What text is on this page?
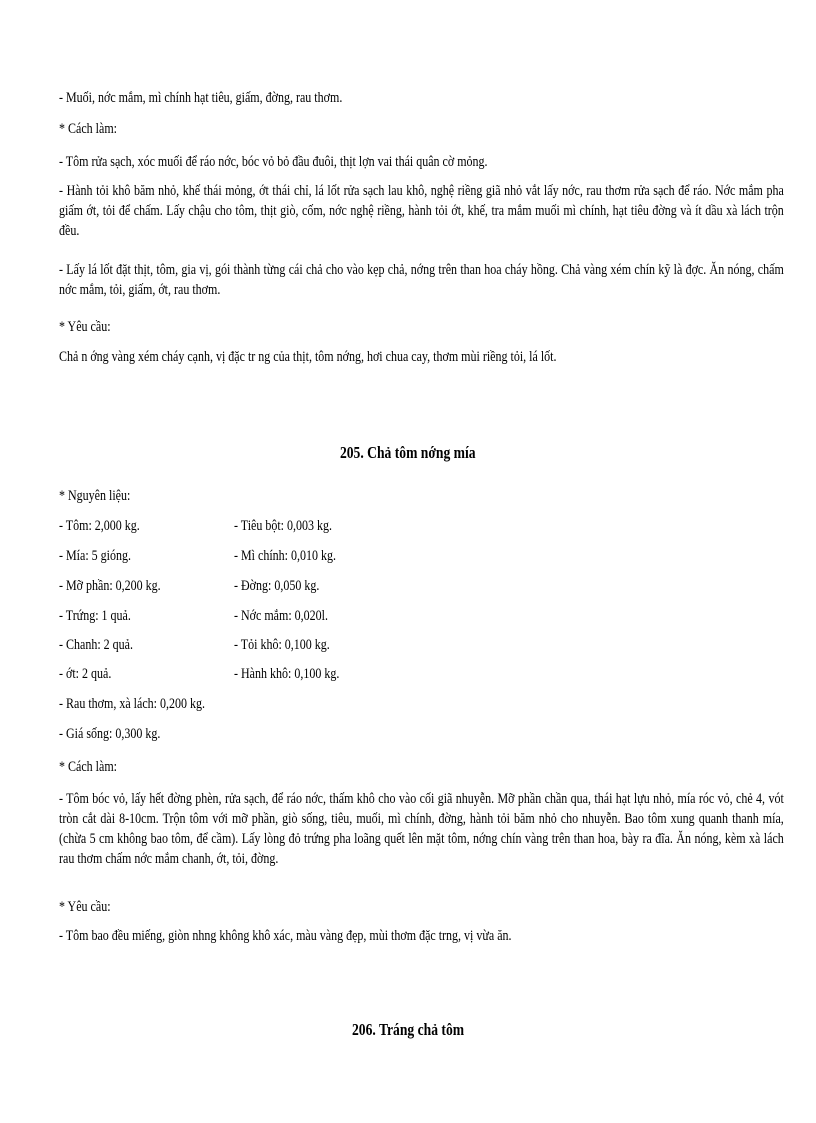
- Muối, nớc mắm, mì chính hạt tiêu, giấm, đờng, rau thơm.

* Cách làm:

- Tôm rửa sạch, xóc muối để ráo nớc, bóc vỏ bỏ đầu đuôi, thịt lợn vai thái quân cờ mỏng.

- Hành tỏi khô băm nhỏ, khế thái mỏng, ớt thái chỉ, lá lốt rửa sạch lau khô, nghệ riềng giã nhỏ vắt lấy nớc, rau thơm rửa sạch để ráo. Nớc mắm pha giấm ớt, tỏi để chấm. Lấy chậu cho tôm, thịt giò, cốm, nớc nghệ riềng, hành tỏi ớt, khế, tra mắm muối mì chính, hạt tiêu đờng và ít dầu xà lách trộn đều.

- Lấy lá lốt đặt thịt, tôm, gia vị, gói thành từng cái chả cho vào kẹp chả, nớng trên than hoa cháy hồng. Chả vàng xém chín kỹ là đợc. Ăn nóng, chấm nớc mắm, tỏi, giấm, ớt, rau thơm.

* Yêu cầu:

Chả n ớng vàng xém cháy cạnh, vị đặc tr ng của thịt, tôm nớng, hơi chua cay, thơm mùi riềng tỏi, lá lốt.

205. Chả tôm nớng mía

* Nguyên liệu:

- Tôm: 2,000 kg.

- Mía: 5 gióng.

- Mỡ phần: 0,200 kg.

- Trứng: 1 quả.

- Chanh: 2 quả.

- ớt: 2 quả.

- Rau thơm, xà lách: 0,200 kg.

- Giá sống: 0,300 kg.

- Tiêu bột: 0,003 kg.

- Mì chính: 0,010 kg.

- Đờng: 0,050 kg.

- Nớc mắm: 0,020l.

- Tỏi khô: 0,100 kg.

- Hành khô: 0,100 kg.

* Cách làm:

- Tôm bóc vỏ, lấy hết đờng phèn, rửa sạch, để ráo nớc, thấm khô cho vào cối giã nhuyễn. Mỡ phần chần qua, thái hạt lựu nhỏ, mía róc vỏ, chẻ 4, vót tròn cắt dài 8-10cm. Trộn tôm với mỡ phần, giò sống, tiêu, muối, mì chính, đờng, hành tỏi băm nhỏ cho nhuyễn. Bao tôm xung quanh thanh mía, (chừa 5 cm không bao tôm, để cầm). Lấy lòng đỏ trứng pha loãng quết lên mặt tôm, nớng chín vàng trên than hoa, bày ra đĩa. Ăn nóng, kèm xà lách rau thơm chấm nớc mắm chanh, ớt, tỏi, đờng.

* Yêu cầu:

- Tôm bao đều miếng, giòn nhng không khô xác, màu vàng đẹp, mùi thơm đặc trng, vị vừa ăn.

206. Tráng chả tôm
